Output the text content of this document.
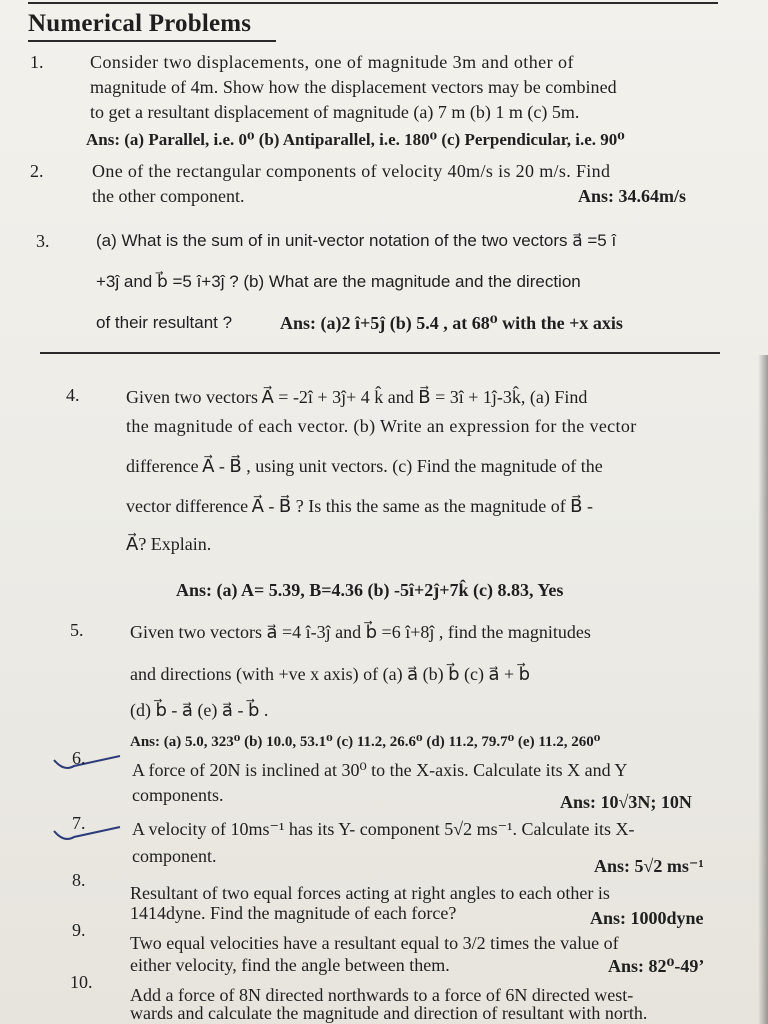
Numerical Problems
1.	Consider two displacements, one of magnitude 3m and other of
magnitude of 4m. Show how the displacement vectors may be combined
to get a resultant displacement of magnitude (a) 7 m (b) 1 m (c) 5m.
Ans: (a) Parallel, i.e. 0⁰ (b) Antiparallel, i.e. 180⁰ (c) Perpendicular, i.e. 90⁰
2.	One of the rectangular components of velocity 40m/s is 20 m/s. Find
the other component.	Ans: 34.64m/s
3.	(a) What is the sum of in unit-vector notation of the two vectors a⃗ =5 î
+3ĵ and b⃗ =5 î+3ĵ ? (b) What are the magnitude and the direction
of their resultant ?	Ans: (a)2 î+5ĵ (b) 5.4 , at 68⁰ with the +x axis
4.	Given two vectors A⃗ = -2î + 3ĵ+ 4 k̂ and B⃗ = 3î + 1ĵ-3k̂, (a) Find
the magnitude of each vector. (b) Write an expression for the vector
difference A⃗ - B⃗ , using unit vectors. (c) Find the magnitude of the
vector difference A⃗ - B⃗ ? Is this the same as the magnitude of B⃗ -
A⃗? Explain.
Ans: (a) A= 5.39, B=4.36 (b) -5î+2ĵ+7k̂ (c) 8.83, Yes
5.	Given two vectors a⃗ =4 î-3ĵ and b⃗ =6 î+8ĵ , find the magnitudes
and directions (with +ve x axis) of (a) a⃗ (b) b⃗ (c) a⃗ + b⃗
(d) b⃗ - a⃗ (e) a⃗ - b⃗ .
Ans: (a) 5.0, 323⁰ (b) 10.0, 53.1⁰ (c) 11.2, 26.6⁰ (d) 11.2, 79.7⁰ (e) 11.2, 260⁰
6.
A force of 20N is inclined at 30⁰ to the X-axis. Calculate its X and Y
components.	Ans: 10√3N; 10N
7.	A velocity of 10ms⁻¹ has its Y- component 5√2 ms⁻¹. Calculate its X-
component.	Ans: 5√2 ms⁻¹
8.
Resultant of two equal forces acting at right angles to each other is
1414dyne. Find the magnitude of each force?	Ans: 1000dyne
9.
Two equal velocities have a resultant equal to 3/2 times the value of
either velocity, find the angle between them.	Ans: 82⁰-49’
10.
Add a force of 8N directed northwards to a force of 6N directed west-
wards and calculate the magnitude and direction of resultant with north.
